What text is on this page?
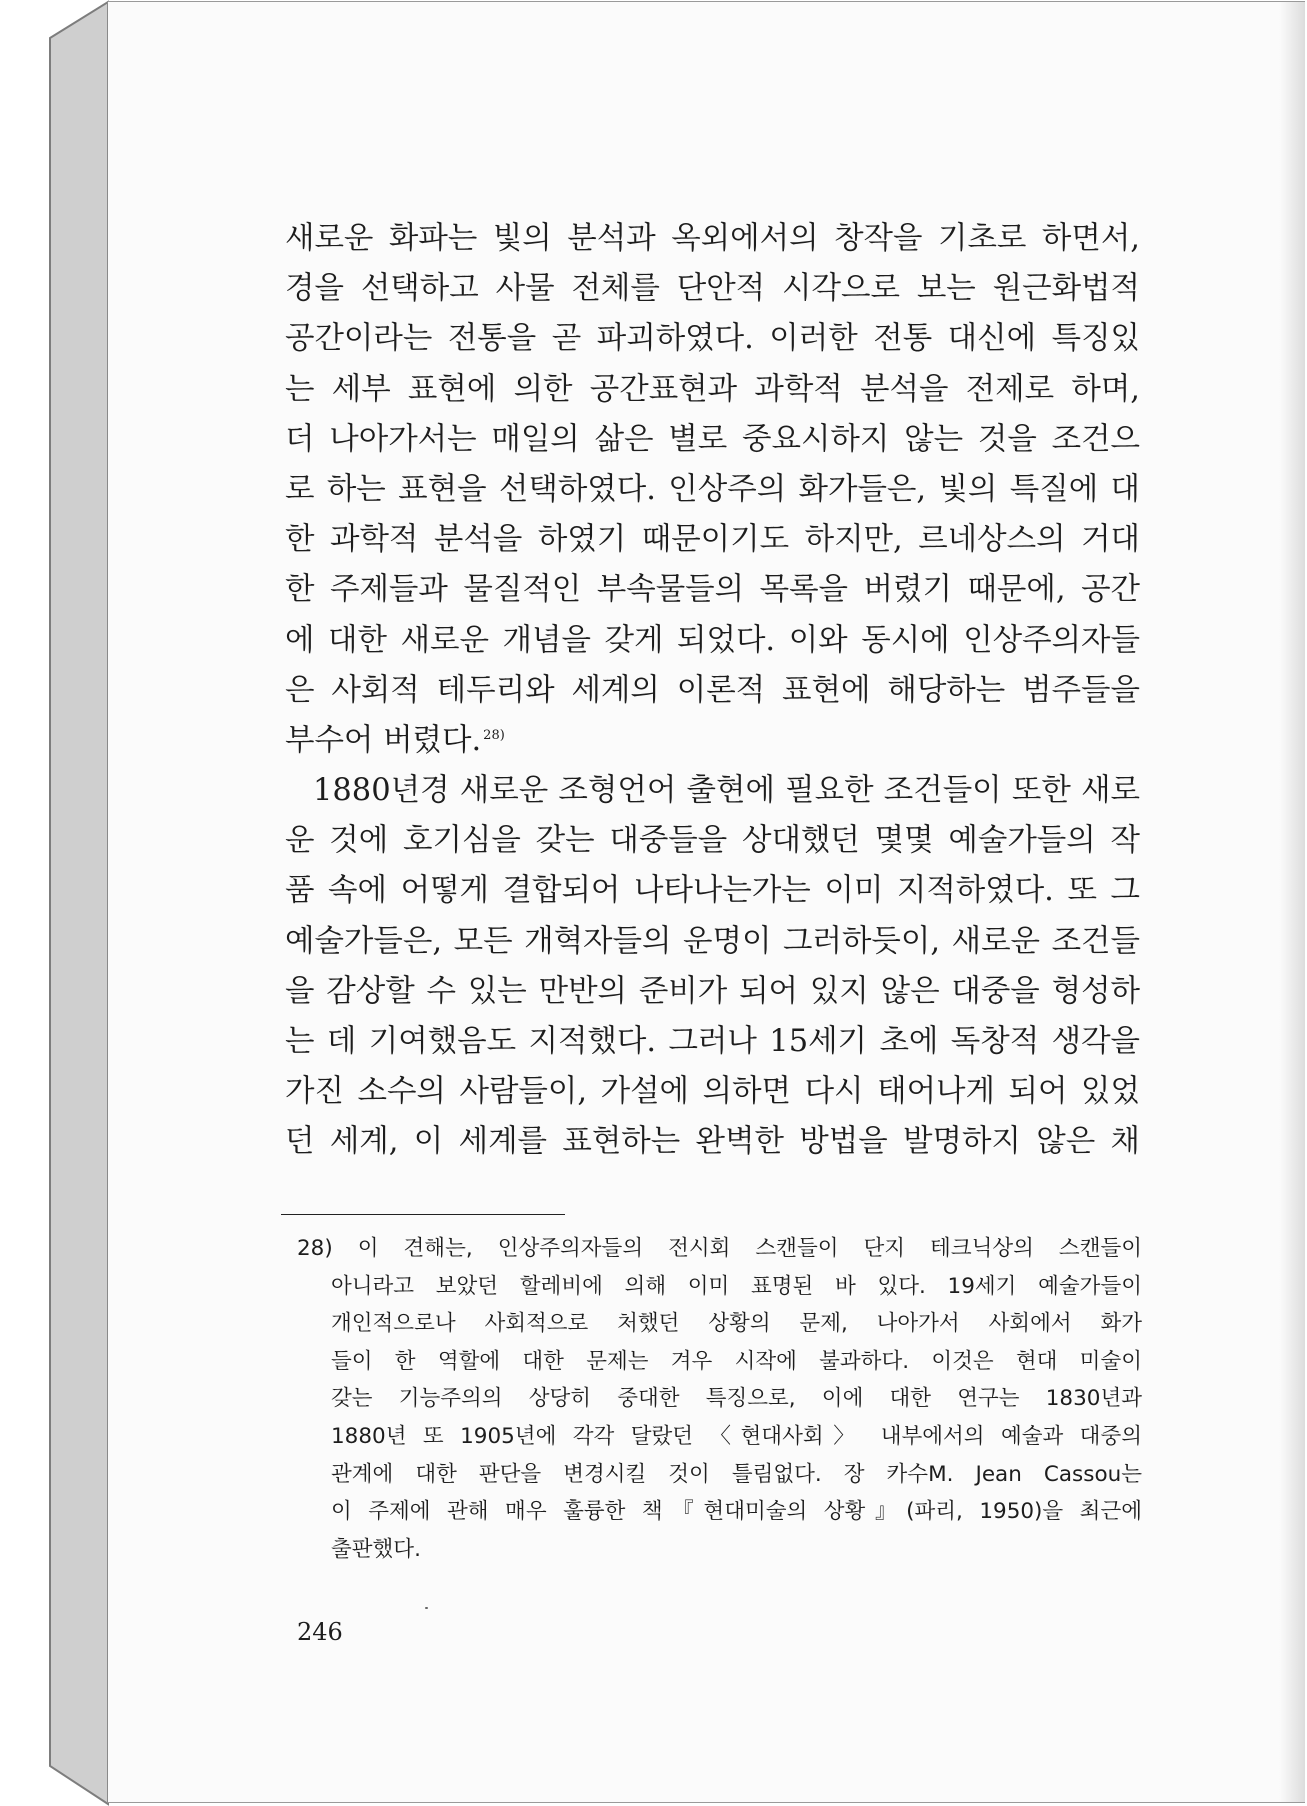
새로운 화파는 빛의 분석과 옥외에서의 창작을 기초로 하면서,
경을 선택하고 사물 전체를 단안적 시각으로 보는 원근화법적
공간이라는 전통을 곧 파괴하였다. 이러한 전통 대신에 특징있
는 세부 표현에 의한 공간표현과 과학적 분석을 전제로 하며,
더 나아가서는 매일의 삶은 별로 중요시하지 않는 것을 조건으
로 하는 표현을 선택하였다. 인상주의 화가들은, 빛의 특질에 대
한 과학적 분석을 하였기 때문이기도 하지만, 르네상스의 거대
한 주제들과 물질적인 부속물들의 목록을 버렸기 때문에, 공간
에 대한 새로운 개념을 갖게 되었다. 이와 동시에 인상주의자들
은 사회적 테두리와 세계의 이론적 표현에 해당하는 범주들을
부수어 버렸다. $^{28)}$
1880년경 새로운 조형언어 출현에 필요한 조건들이 또한 새로
운 것에 호기심을 갖는 대중들을 상대했던 몇몇 예술가들의 작
품 속에 어떻게 결합되어 나타나는가는 이미 지적하였다. 또 그
예술가들은, 모든 개혁자들의 운명이 그러하듯이, 새로운 조건들
을 감상할 수 있는 만반의 준비가 되어 있지 않은 대중을 형성하
는 데 기여했음도 지적했다. 그러나 15세기 초에 독창적 생각을
가진 소수의 사람들이, 가설에 의하면 다시 태어나게 되어 있었
던 세계, 이 세계를 표현하는 완벽한 방법을 발명하지 않은 채
28) 이 견해는, 인상주의자들의 전시회 스캔들이 단지 테크닉상의 스캔들이
아니라고 보았던 할레비에 의해 이미 표명된 바 있다. 19세기 예술가들이
개인적으로나 사회적으로 처했던 상황의 문제, 나아가서 사회에서 화가
들이 한 역할에 대한 문제는 겨우 시작에 불과하다. 이것은 현대 미술이
갖는 기능주의의 상당히 중대한 특징으로, 이에 대한 연구는 1830년과
1880년 또 1905년에 각각 달랐던 〈현대사회〉 내부에서의 예술과 대중의
관계에 대한 판단을 변경시킬 것이 틀림없다. 장 카수M. Jean Cassou는
이 주제에 관해 매우 훌륭한 책『현대미술의 상황』(파리, 1950)을 최근에
출판했다.
246
